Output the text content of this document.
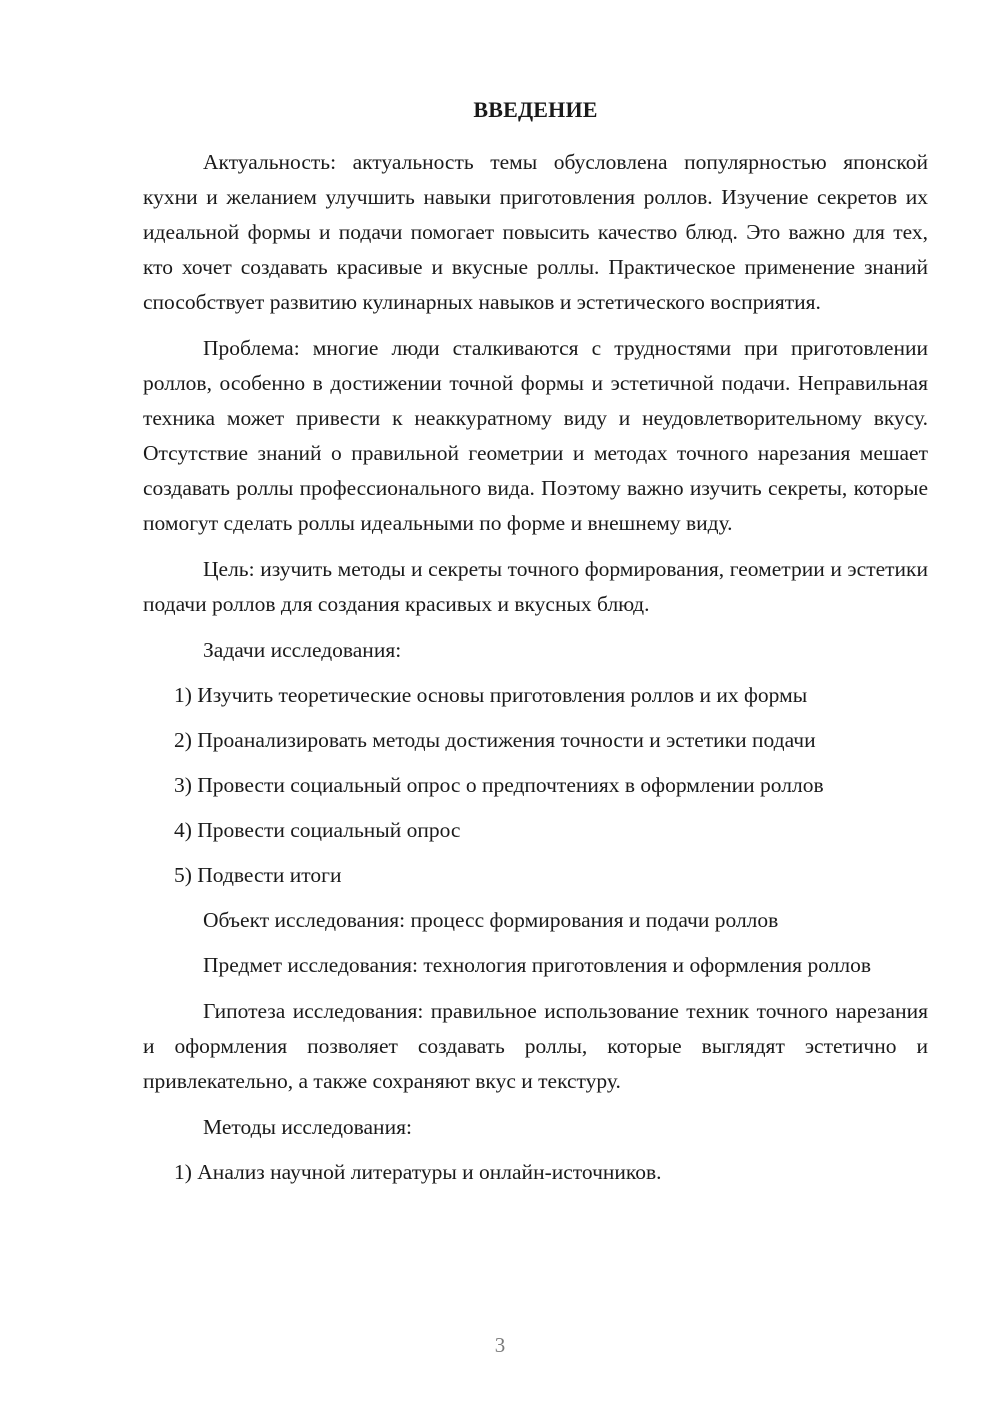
ВВЕДЕНИЕ

Актуальность: актуальность темы обусловлена популярностью японской кухни и желанием улучшить навыки приготовления роллов. Изучение секретов их идеальной формы и подачи помогает повысить качество блюд. Это важно для тех, кто хочет создавать красивые и вкусные роллы. Практическое применение знаний способствует развитию кулинарных навыков и эстетического восприятия.

Проблема: многие люди сталкиваются с трудностями при приготовлении роллов, особенно в достижении точной формы и эстетичной подачи. Неправильная техника может привести к неаккуратному виду и неудовлетворительному вкусу. Отсутствие знаний о правильной геометрии и методах точного нарезания мешает создавать роллы профессионального вида. Поэтому важно изучить секреты, которые помогут сделать роллы идеальными по форме и внешнему виду.

Цель: изучить методы и секреты точного формирования, геометрии и эстетики подачи роллов для создания красивых и вкусных блюд.

Задачи исследования:
1) Изучить теоретические основы приготовления роллов и их формы
2) Проанализировать методы достижения точности и эстетики подачи
3) Провести социальный опрос о предпочтениях в оформлении роллов
4) Провести социальный опрос
5) Подвести итоги
Объект исследования: процесс формирования и подачи роллов

Предмет исследования: технология приготовления и оформления роллов

Гипотеза исследования: правильное использование техник точного нарезания и оформления позволяет создавать роллы, которые выглядят эстетично и привлекательно, а также сохраняют вкус и текстуру.

Методы исследования:
1) Анализ научной литературы и онлайн-источников.
3
